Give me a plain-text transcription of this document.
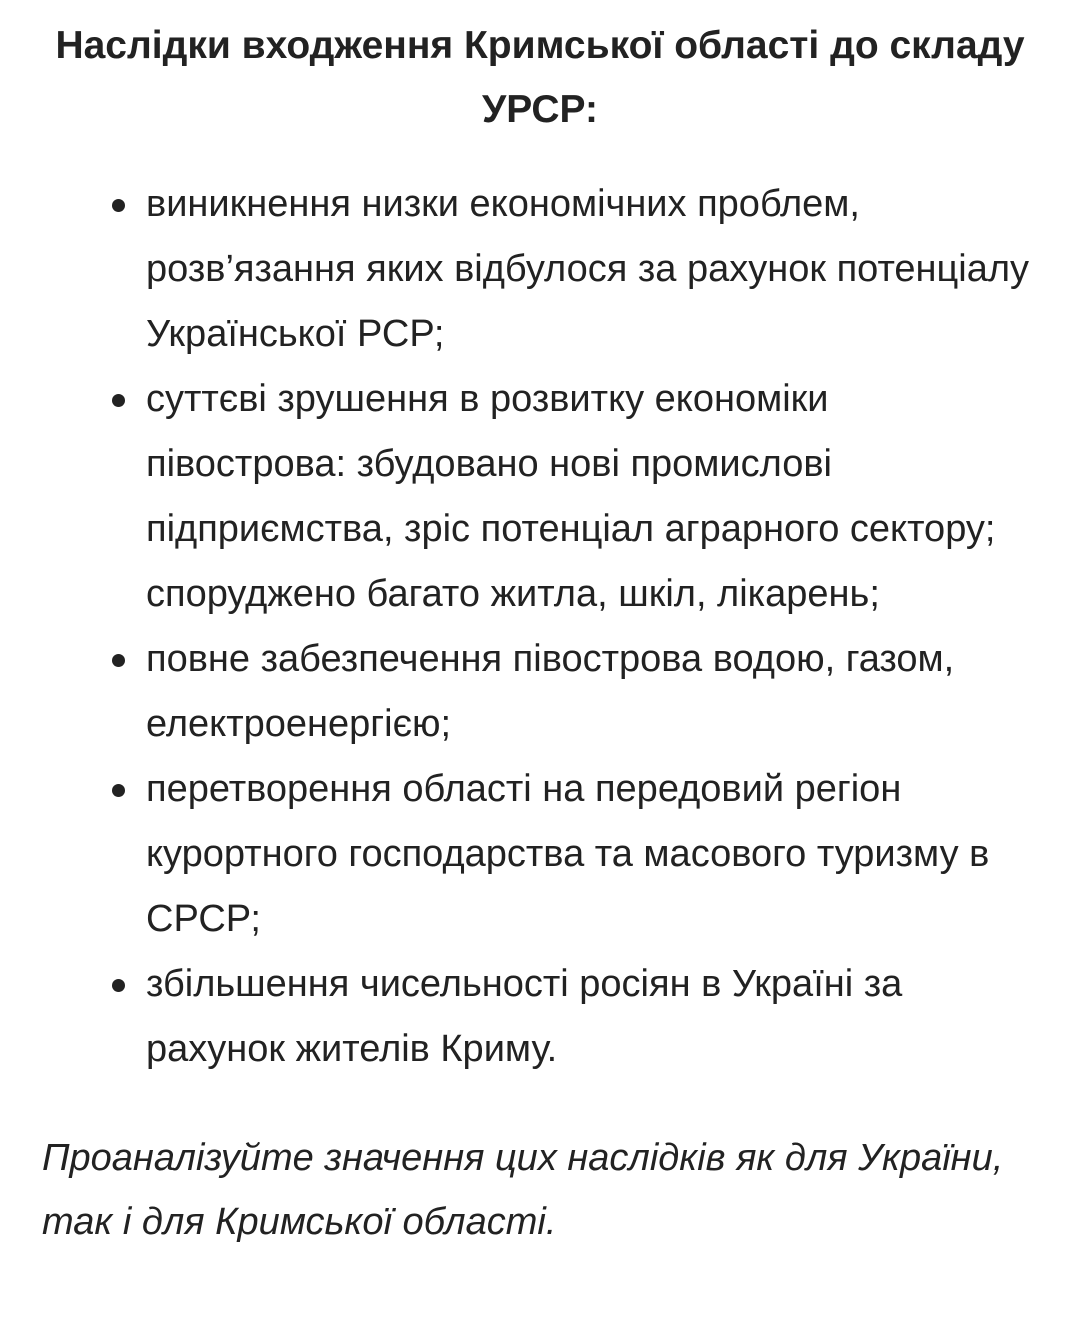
Наслідки входження Кримської області до складу УРСР:
виникнення низки економічних проблем, розв’язання яких відбулося за рахунок потенціалу Української РСР;
суттєві зрушення в розвитку економіки півострова: збудовано нові промислові підприємства, зріс потенціал аграрного сектору; споруджено багато житла, шкіл, лікарень;
повне забезпечення півострова водою, газом, електроенергією;
перетворення області на передовий регіон курортного господарства та масового туризму в СРСР;
збільшення чисельності росіян в Україні за рахунок жителів Криму.

Проаналізуйте значення цих наслідків як для України, так і для Кримської області.
